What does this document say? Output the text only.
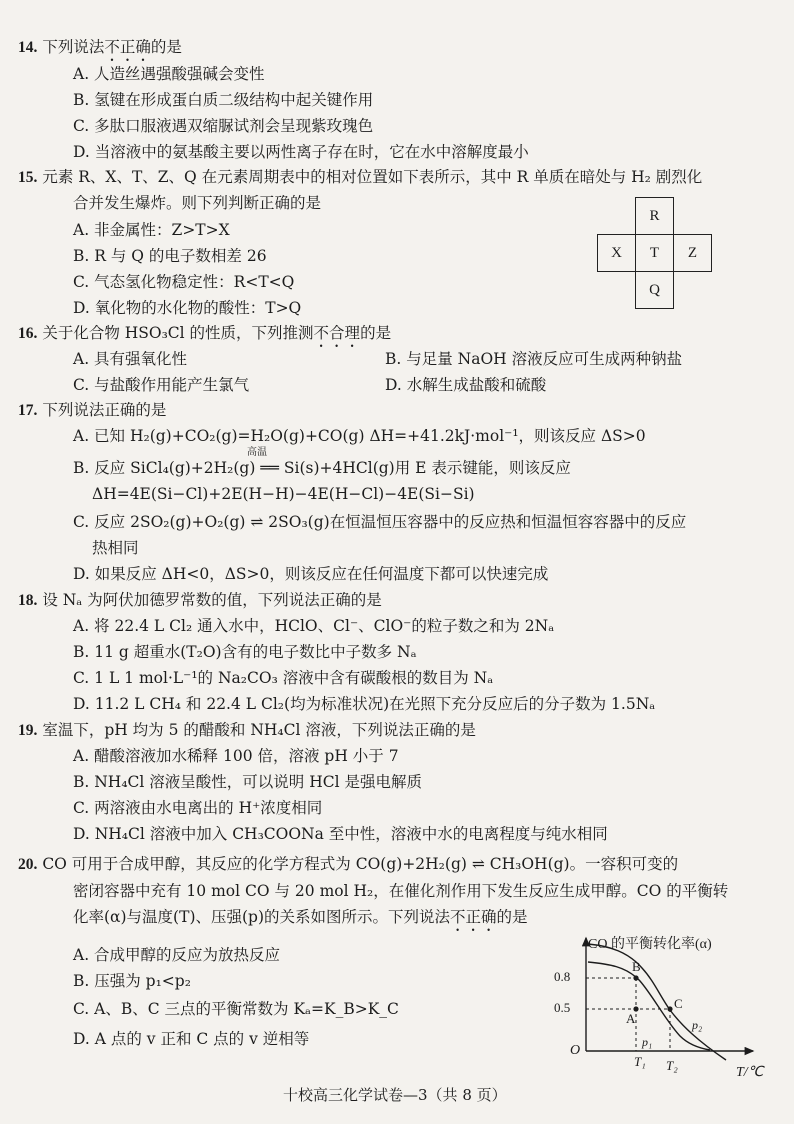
14. 下列说法不正确的是
A. 人造丝遇强酸强碱会变性
B. 氢键在形成蛋白质二级结构中起关键作用
C. 多肽口服液遇双缩脲试剂会呈现紫玫瑰色
D. 当溶液中的氨基酸主要以两性离子存在时，它在水中溶解度最小
15. 元素 R、X、T、Z、Q 在元素周期表中的相对位置如下表所示，其中 R 单质在暗处与 H₂ 剧烈化
合并发生爆炸。则下列判断正确的是
A. 非金属性：Z>T>X
B. R 与 Q 的电子数相差 26
C. 气态氢化物稳定性：R<T<Q
D. 氧化物的水化物的酸性：T>Q
	R	
X	T	Z
	Q	
16. 关于化合物 HSO₃Cl 的性质，下列推测不合理的是
A. 具有强氧化性	B. 与足量 NaOH 溶液反应可生成两种钠盐
C. 与盐酸作用能产生氯气	D. 水解生成盐酸和硫酸
17. 下列说法正确的是
A. 已知 H₂(g)+CO₂(g)=H₂O(g)+CO(g) ΔH=+41.2kJ·mol⁻¹，则该反应 ΔS>0
B. 反应 SiCl₄(g)+2H₂(g) ══ Si(s)+4HCl(g)用 E 表示键能，则该反应
高温
ΔH=4E(Si−Cl)+2E(H−H)−4E(H−Cl)−4E(Si−Si)
C. 反应 2SO₂(g)+O₂(g) ⇌ 2SO₃(g)在恒温恒压容器中的反应热和恒温恒容容器中的反应
热相同
D. 如果反应 ΔH<0，ΔS>0，则该反应在任何温度下都可以快速完成
18. 设 Nₐ 为阿伏加德罗常数的值，下列说法正确的是
A. 将 22.4 L Cl₂ 通入水中，HClO、Cl⁻、ClO⁻的粒子数之和为 2Nₐ
B. 11 g 超重水(T₂O)含有的电子数比中子数多 Nₐ
C. 1 L 1 mol·L⁻¹的 Na₂CO₃ 溶液中含有碳酸根的数目为 Nₐ
D. 11.2 L CH₄ 和 22.4 L Cl₂(均为标准状况)在光照下充分反应后的分子数为 1.5Nₐ
19. 室温下，pH 均为 5 的醋酸和 NH₄Cl 溶液，下列说法正确的是
A. 醋酸溶液加水稀释 100 倍，溶液 pH 小于 7
B. NH₄Cl 溶液呈酸性，可以说明 HCl 是强电解质
C. 两溶液由水电离出的 H⁺浓度相同
D. NH₄Cl 溶液中加入 CH₃COONa 至中性，溶液中水的电离程度与纯水相同
20. CO 可用于合成甲醇，其反应的化学方程式为 CO(g)+2H₂(g) ⇌ CH₃OH(g)。一容积可变的
密闭容器中充有 10 mol CO 与 20 mol H₂，在催化剂作用下发生反应生成甲醇。CO 的平衡转
化率(α)与温度(T)、压强(p)的关系如图所示。下列说法不正确的是
A. 合成甲醇的反应为放热反应
B. 压强为 p₁<p₂
C. A、B、C 三点的平衡常数为 Kₐ=K_B>K_C
D. A 点的 v 正和 C 点的 v 逆相等
CO 的平衡转化率(α)
T/℃
O
0.8
0.5
A
B
C
T₁ T₂
p₁
p₂
十校高三化学试卷—3（共 8 页）
